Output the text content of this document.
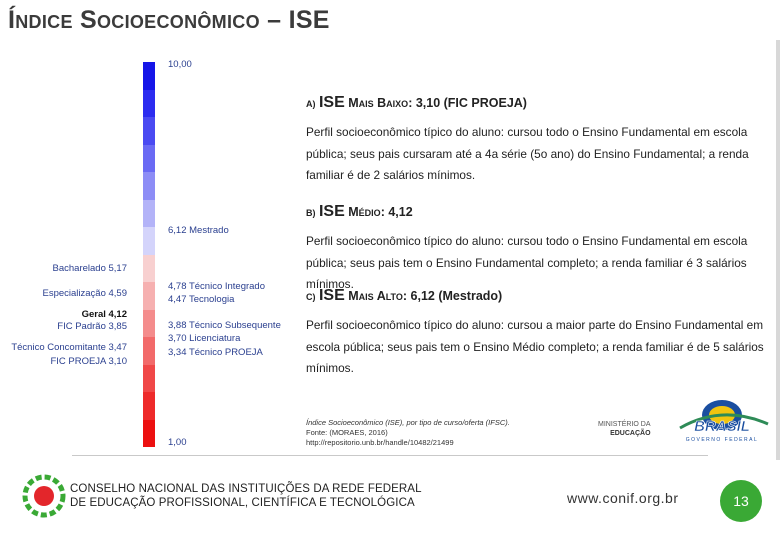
Índice Socioeconômico – ISE
10,00
1,00
6,12 Mestrado
4,78 Técnico Integrado
4,47 Tecnologia
3,88 Técnico Subsequente
3,70 Licenciatura
3,34 Técnico PROEJA
Bacharelado 5,17
Especialização 4,59
Geral 4,12
FIC Padrão 3,85
Técnico Concomitante 3,47
FIC PROEJA 3,10
A) ISE Mais Baixo: 3,10 (FIC PROEJA)
Perfil socioeconômico típico do aluno: cursou todo o Ensino Fundamental em escola pública; seus pais cursaram até a 4a série (5o ano) do Ensino Fundamental; a renda familiar é de 2 salários mínimos.
B) ISE Médio: 4,12
Perfil socioeconômico típico do aluno: cursou todo o Ensino Fundamental em escola pública; seus pais tem o Ensino Fundamental completo; a renda familiar é 3 salários mínimos.
C) ISE Mais Alto: 6,12 (Mestrado)
Perfil socioeconômico típico do aluno: cursou a maior parte do Ensino Fundamental em escola pública; seus pais tem o Ensino Médio completo; a renda familiar é de 5 salários mínimos.
Índice Socioeconômico (ISE), por tipo de curso/oferta (IFSC).
Fonte: (MORAES, 2016)
http://repositorio.unb.br/handle/10482/21499
MINISTÉRIO DA
EDUCAÇÃO	BRASIL
GOVERNO FEDERAL
CONSELHO NACIONAL DAS INSTITUIÇÕES DA REDE FEDERAL
DE EDUCAÇÃO PROFISSIONAL, CIENTÍFICA E TECNOLÓGICA	www.conif.org.br	13
